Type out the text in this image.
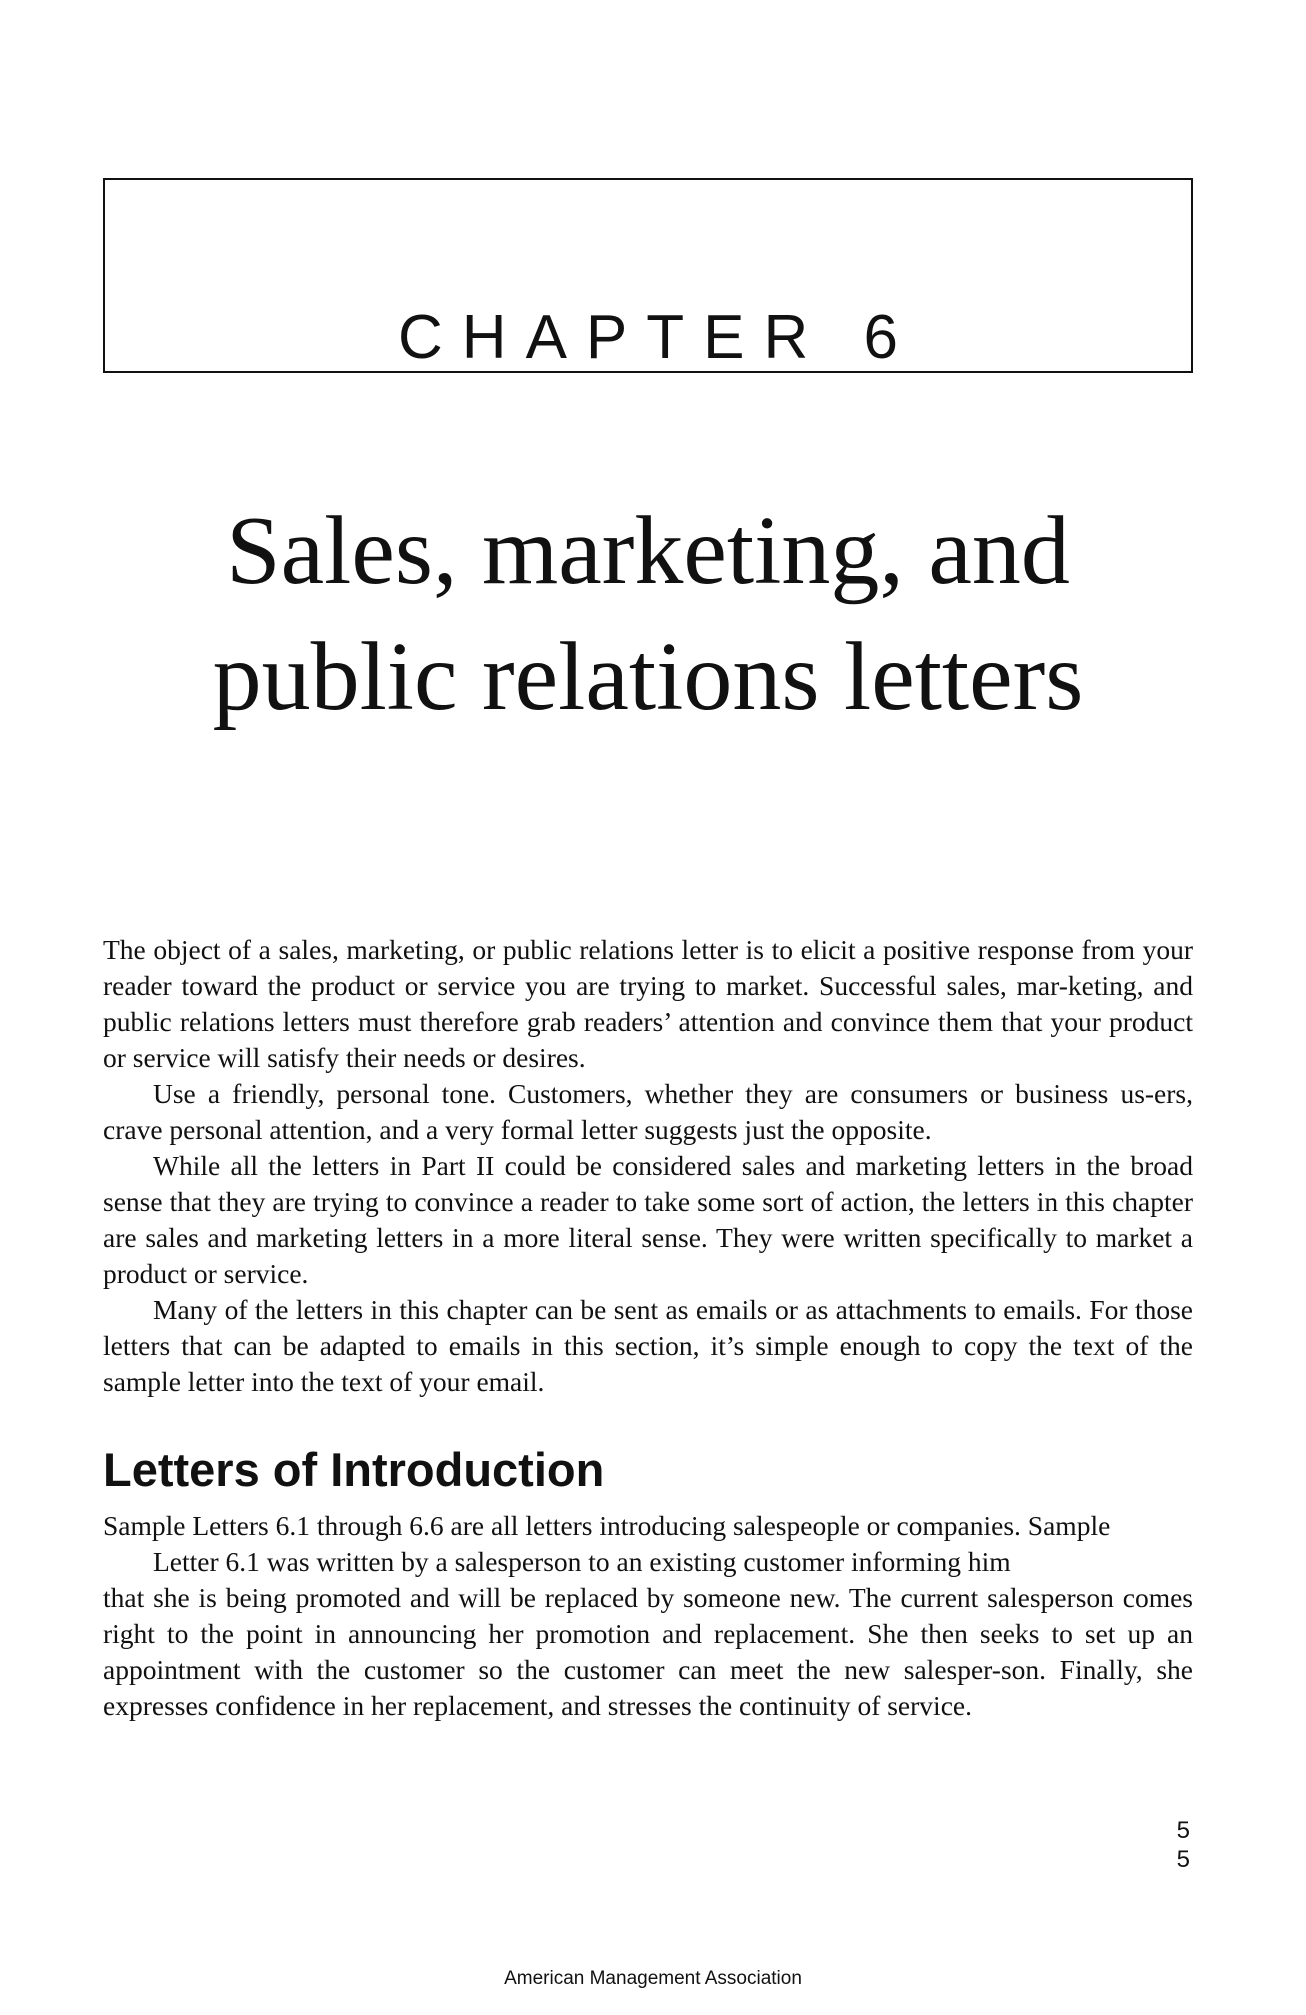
CHAPTER 6
Sales, marketing, and
public relations letters

The object of a sales, marketing, or public relations letter is to elicit a positive response from your reader toward the product or service you are trying to market. Successful sales, mar-keting, and public relations letters must therefore grab readers’ attention and convince them that your product or service will satisfy their needs or desires.

Use a friendly, personal tone. Customers, whether they are consumers or business us-ers, crave personal attention, and a very formal letter suggests just the opposite.

While all the letters in Part II could be considered sales and marketing letters in the broad sense that they are trying to convince a reader to take some sort of action, the letters in this chapter are sales and marketing letters in a more literal sense. They were written specifically to market a product or service.

Many of the letters in this chapter can be sent as emails or as attachments to emails. For those letters that can be adapted to emails in this section, it’s simple enough to copy the text of the sample letter into the text of your email.

Letters of Introduction

Sample Letters 6.1 through 6.6 are all letters introducing salespeople or companies. Sample

Letter 6.1 was written by a salesperson to an existing customer informing him

that she is being promoted and will be replaced by someone new. The current salesperson comes right to the point in announcing her promotion and replacement. She then seeks to set up an appointment with the customer so the customer can meet the new salesper-son. Finally, she expresses confidence in her replacement, and stresses the continuity of service.

5
5
American Management Association
